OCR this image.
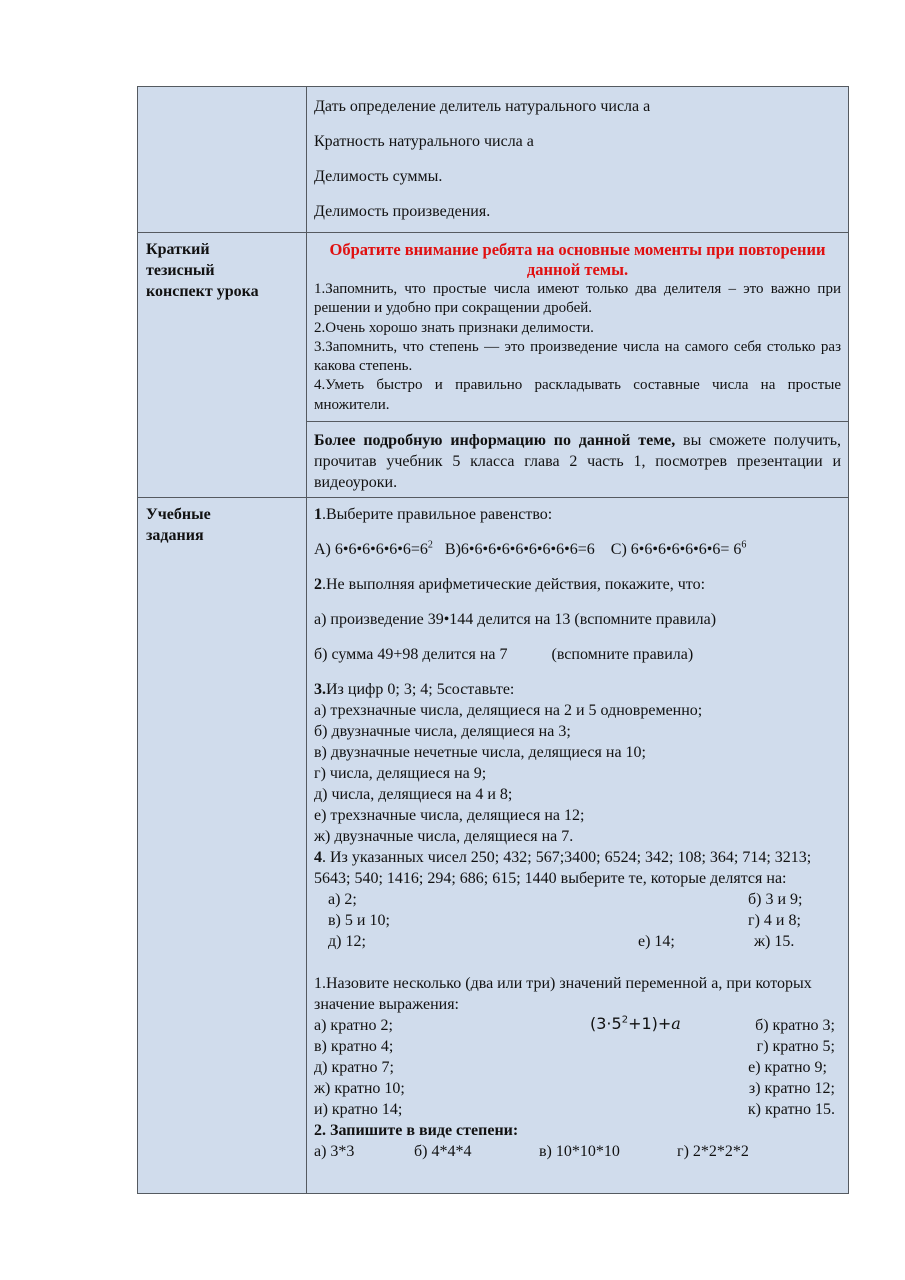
	Дать определение делитель натурального числа а

Кратность натурального числа а

Делимость суммы.

Делимость произведения.

Краткий
тезисный
конспект урока

Обратите внимание ребята на основные моменты при повторении данной темы.
1.Запомнить, что простые числа имеют только два делителя – это важно при решении и удобно при сокращении дробей.
2.Очень хорошо знать признаки делимости.
3.Запомнить, что степень — это произведение числа на самого себя столько раз какова степень.
4.Уметь быстро и правильно раскладывать составные числа на простые множители.

	Более подробную информацию по данной теме, вы сможете получить, прочитав учебник 5 класса глава 2 часть 1, посмотрев презентации и видеоуроки.

Учебные
задания

1.Выберите правильное равенство:

А) $6•6•6•6•6•6=6^2$ В)6•6•6•6•6•6•6•6•6=6 С) 6•6•6•6•6•6•6= $6^6$

2.Не выполняя арифметические действия, покажите, что:

а) произведение 39•144 делится на 13 (вспомните правила)

б) сумма 49+98 делится на 7	(вспомните правила)

3.Из цифр 0; 3; 4; 5составьте:

а) трехзначные числа, делящиеся на 2 и 5 одновременно;

б) двузначные числа, делящиеся на 3;

в) двузначные нечетные числа, делящиеся на 10;

г) числа, делящиеся на 9;

д) числа, делящиеся на 4 и 8;

е) трехзначные числа, делящиеся на 12;

ж) двузначные числа, делящиеся на 7.

4. Из указанных чисел 250; 432; 567;3400; 6524; 342; 108; 364; 714; 3213; 5643; 540; 1416; 294; 686; 615; 1440 выберите те, которые делятся на:

а) 2;	б) 3 и 9;
в) 5 и 10;	г) 4 и 8;
д) 12;	е) 14;	ж) 15.

1.Назовите несколько (два или три) значений переменной а, при которых значение выражения:

$(3\cdot 5^2+1)+a$
а) кратно 2;	б) кратно 3;
в) кратно 4;	г) кратно 5;
д) кратно 7;	е) кратно 9;
ж) кратно 10;	з) кратно 12;
и) кратно 14;	к) кратно 15.

2. Запишите в виде степени:

а) 3*3	б) 4*4*4	в) 10*10*10	г) 2*2*2*2
